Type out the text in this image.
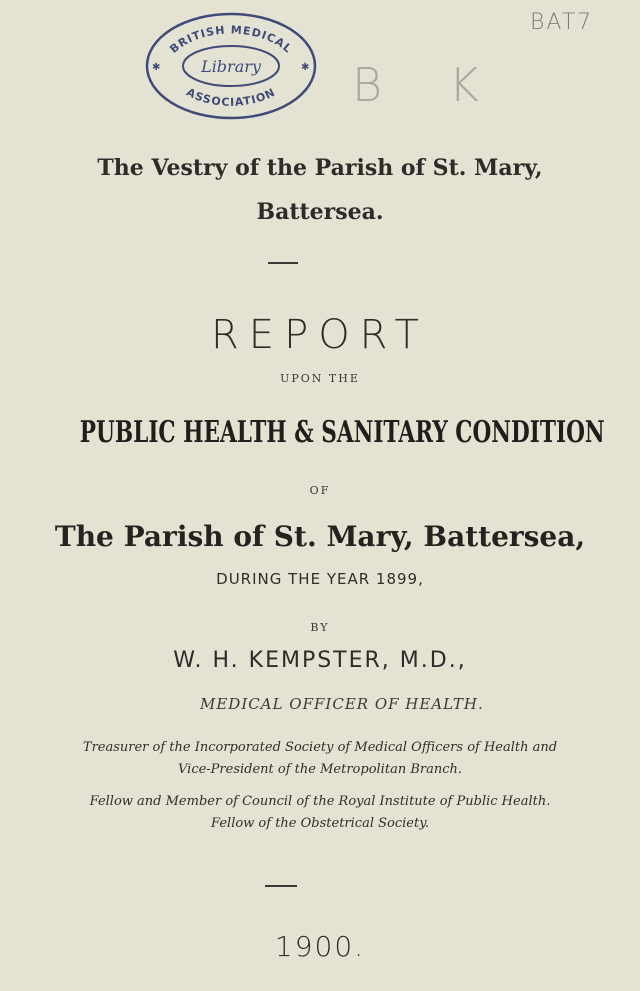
BRITISH MEDICAL
ASSOCIATION
Library
✱	✱
BAT7
B K
The Vestry of the Parish of St. Mary,
Battersea.
REPORT
UPON THE
PUBLIC HEALTH & SANITARY CONDITION
OF
The Parish of St. Mary, Battersea,
DURING THE YEAR 1899,
BY
W. H. KEMPSTER, M.D.,
MEDICAL OFFICER OF HEALTH.
Treasurer of the Incorporated Society of Medical Officers of Health and
Vice-President of the Metropolitan Branch.
Fellow and Member of Council of the Royal Institute of Public Health.
Fellow of the Obstetrical Society.
1900.
